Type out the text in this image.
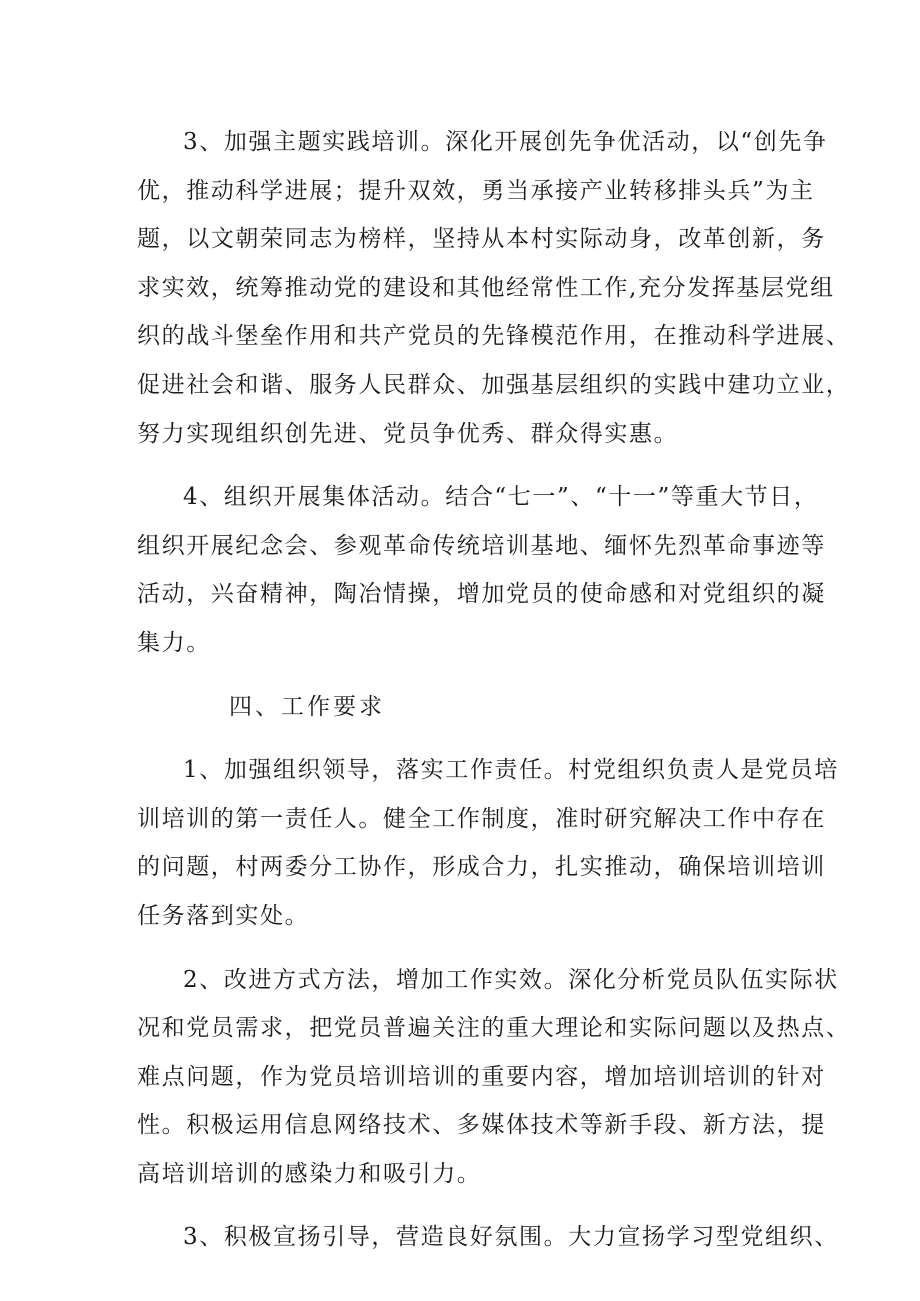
3、加强主题实践培训。深化开展创先争优活动，以“创先争
优，推动科学进展；提升双效，勇当承接产业转移排头兵”为主
题，以文朝荣同志为榜样，坚持从本村实际动身，改革创新，务
求实效，统筹推动党的建设和其他经常性工作,充分发挥基层党组
织的战斗堡垒作用和共产党员的先锋模范作用，在推动科学进展、
促进社会和谐、服务人民群众、加强基层组织的实践中建功立业，
努力实现组织创先进、党员争优秀、群众得实惠。
4、组织开展集体活动。结合“七一”、“十一”等重大节日，
组织开展纪念会、参观革命传统培训基地、缅怀先烈革命事迹等
活动，兴奋精神，陶冶情操，增加党员的使命感和对党组织的凝
集力。
四、工作要求
1、加强组织领导，落实工作责任。村党组织负责人是党员培
训培训的第一责任人。健全工作制度，准时研究解决工作中存在
的问题，村两委分工协作，形成合力，扎实推动，确保培训培训
任务落到实处。
2、改进方式方法，增加工作实效。深化分析党员队伍实际状
况和党员需求，把党员普遍关注的重大理论和实际问题以及热点、
难点问题，作为党员培训培训的重要内容，增加培训培训的针对
性。积极运用信息网络技术、多媒体技术等新手段、新方法，提
高培训培训的感染力和吸引力。
3、积极宣扬引导，营造良好氛围。大力宣扬学习型党组织、
